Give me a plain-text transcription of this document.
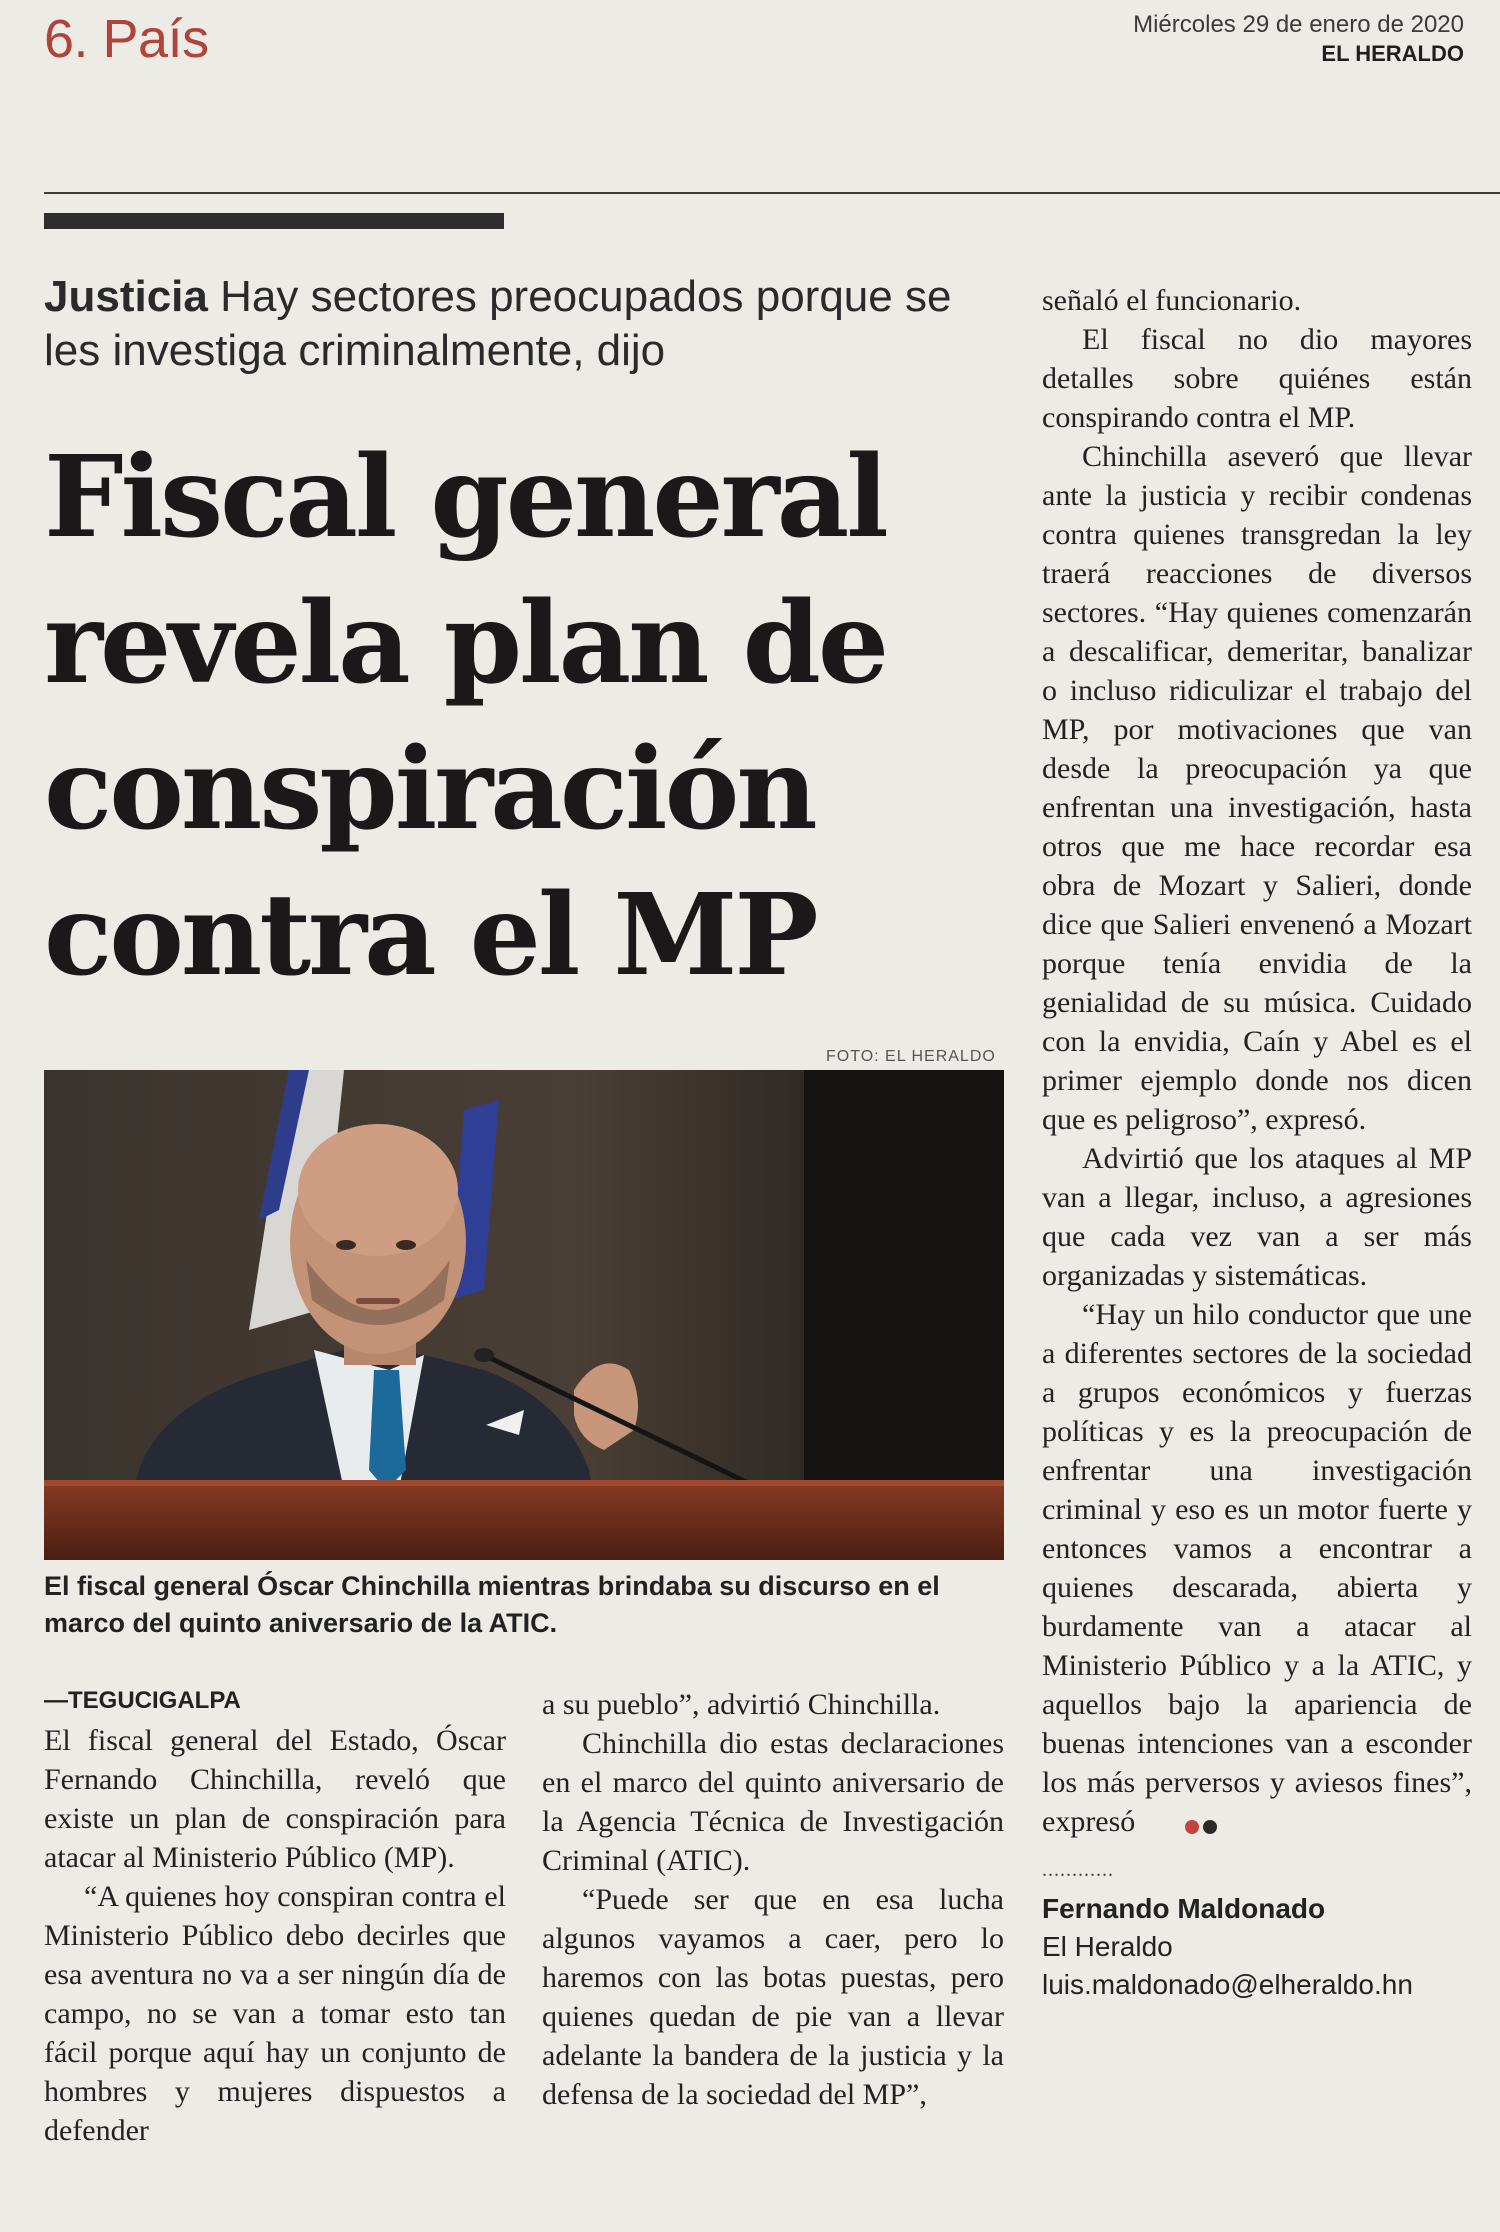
6. País	Miércoles 29 de enero de 2020
EL HERALDO
Justicia Hay sectores preocupados porque se les investiga criminalmente, dijo
Fiscal general revela plan de conspiración contra el MP
FOTO: EL HERALDO
El fiscal general Óscar Chinchilla mientras brindaba su discurso en el marco del quinto aniversario de la ATIC.
— TEGUCIGALPA

El fiscal general del Estado, Óscar Fernando Chinchilla, reveló que existe un plan de conspiración para atacar al Ministerio Público (MP).

“A quienes hoy conspiran contra el Ministerio Público debo decirles que esa aventura no va a ser ningún día de campo, no se van a tomar esto tan fácil porque aquí hay un conjunto de hombres y mujeres dispuestos a defender

a su pueblo”, advirtió Chinchilla.

Chinchilla dio estas declaraciones en el marco del quinto aniversario de la Agencia Técnica de Investigación Criminal (ATIC).

“Puede ser que en esa lucha algunos vayamos a caer, pero lo haremos con las botas puestas, pero quienes quedan de pie van a llevar adelante la bandera de la justicia y la defensa de la sociedad del MP”,

señaló el funcionario.

El fiscal no dio mayores detalles sobre quiénes están conspirando contra el MP.

Chinchilla aseveró que llevar ante la justicia y recibir condenas contra quienes transgredan la ley traerá reacciones de diversos sectores. “Hay quienes comenzarán a descalificar, demeritar, banalizar o incluso ridiculizar el trabajo del MP, por motivaciones que van desde la preocupación ya que enfrentan una investigación, hasta otros que me hace recordar esa obra de Mozart y Salieri, donde dice que Salieri envenenó a Mozart porque tenía envidia de la genialidad de su música. Cuidado con la envidia, Caín y Abel es el primer ejemplo donde nos dicen que es peligroso”, expresó.

Advirtió que los ataques al MP van a llegar, incluso, a agresiones que cada vez van a ser más organizadas y sistemáticas.

“Hay un hilo conductor que une a diferentes sectores de la sociedad a grupos económicos y fuerzas políticas y es la preocupación de enfrentar una investigación criminal y eso es un motor fuerte y entonces vamos a encontrar a quienes descarada, abierta y burdamente van a atacar al Ministerio Público y a la ATIC, y aquellos bajo la apariencia de buenas intenciones van a esconder los más perversos y aviesos fines”, expresó

............
Fernando Maldonado
El Heraldo
luis.maldonado@elheraldo.hn
